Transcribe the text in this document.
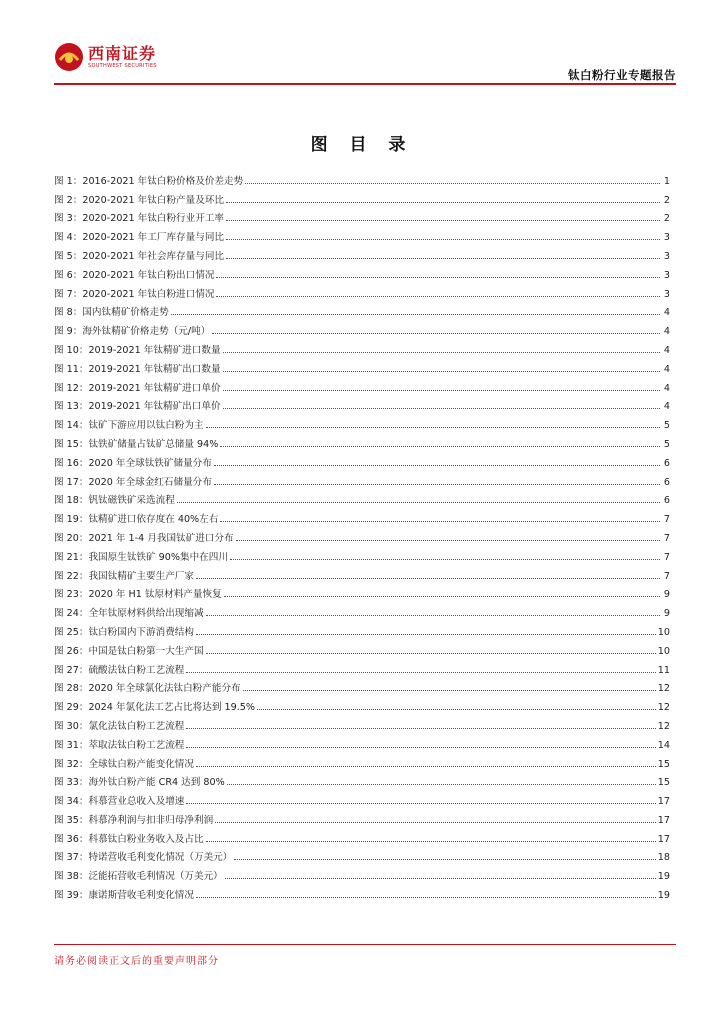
西南证券
SOUTHWEST SECURITIES
钛白粉行业专题报告
图 目 录
图 1：2016-2021 年钛白粉价格及价差走势	1
图 2：2020-2021 年钛白粉产量及环比	2
图 3：2020-2021 年钛白粉行业开工率	2
图 4：2020-2021 年工厂库存量与同比	3
图 5：2020-2021 年社会库存量与同比	3
图 6：2020-2021 年钛白粉出口情况	3
图 7：2020-2021 年钛白粉进口情况	3
图 8：国内钛精矿价格走势	4
图 9：海外钛精矿价格走势（元/吨）	4
图 10：2019-2021 年钛精矿进口数量	4
图 11：2019-2021 年钛精矿出口数量	4
图 12：2019-2021 年钛精矿进口单价	4
图 13：2019-2021 年钛精矿出口单价	4
图 14：钛矿下游应用以钛白粉为主	5
图 15：钛铁矿储量占钛矿总储量 94%	5
图 16：2020 年全球钛铁矿储量分布	6
图 17：2020 年全球金红石储量分布	6
图 18：钒钛磁铁矿采选流程	6
图 19：钛精矿进口依存度在 40%左右	7
图 20：2021 年 1-4 月我国钛矿进口分布	7
图 21：我国原生钛铁矿 90%集中在四川	7
图 22：我国钛精矿主要生产厂家	7
图 23：2020 年 H1 钛原材料产量恢复	9
图 24：全年钛原材料供给出现缩减	9
图 25：钛白粉国内下游消费结构	10
图 26：中国是钛白粉第一大生产国	10
图 27：硫酸法钛白粉工艺流程	11
图 28：2020 年全球氯化法钛白粉产能分布	12
图 29：2024 年氯化法工艺占比将达到 19.5%	12
图 30：氯化法钛白粉工艺流程	12
图 31：萃取法钛白粉工艺流程	14
图 32：全球钛白粉产能变化情况	15
图 33：海外钛白粉产能 CR4 达到 80%	15
图 34：科慕营业总收入及增速	17
图 35：科慕净利润与扣非归母净利润	17
图 36：科慕钛白粉业务收入及占比	17
图 37：特诺营收毛利变化情况（万美元）	18
图 38：泛能拓营收毛利情况（万美元）	19
图 39：康诺斯营收毛利变化情况	19
请务必阅读正文后的重要声明部分
